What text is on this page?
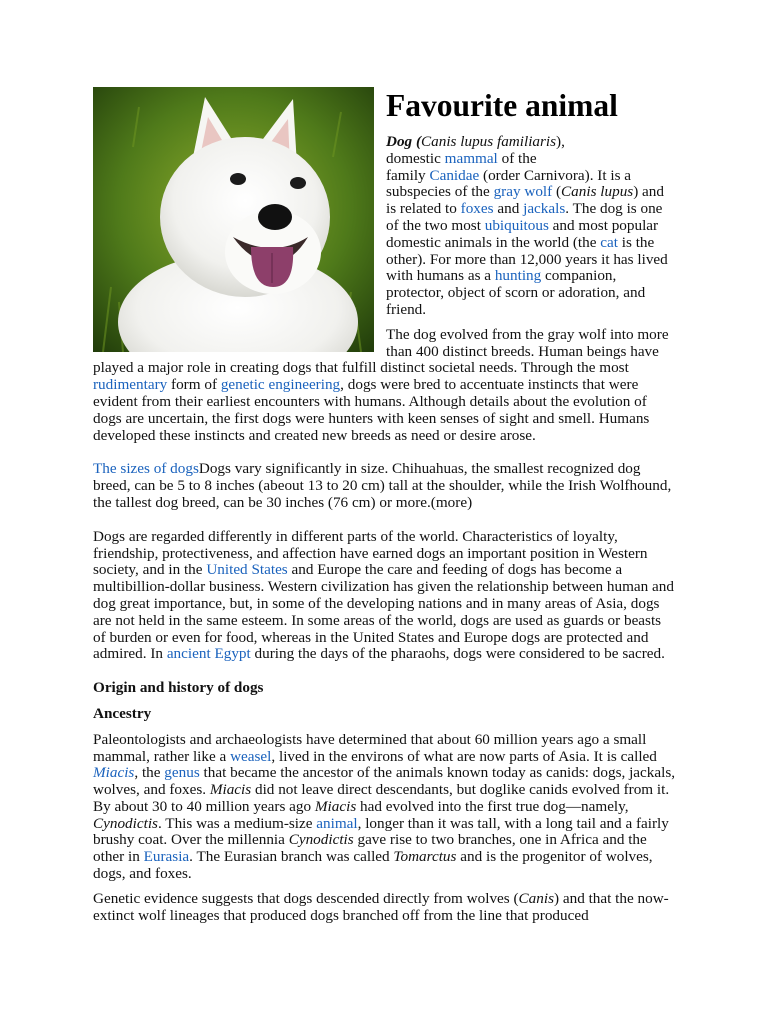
Favourite animal

Dog (Canis lupus familiaris),
domestic mammal of the
family Canidae (order Carnivora). It is a subspecies of the gray wolf (Canis lupus) and is related to foxes and jackals. The dog is one of the two most ubiquitous and most popular domestic animals in the world (the cat is the other). For more than 12,000 years it has lived with humans as a hunting companion, protector, object of scorn or adoration, and friend.

The dog evolved from the gray wolf into more than 400 distinct breeds. Human beings have played a major role in creating dogs that fulfill distinct societal needs. Through the most rudimentary form of genetic engineering, dogs were bred to accentuate instincts that were evident from their earliest encounters with humans. Although details about the evolution of dogs are uncertain, the first dogs were hunters with keen senses of sight and smell. Humans developed these instincts and created new breeds as need or desire arose.

The sizes of dogsDogs vary significantly in size. Chihuahuas, the smallest recognized dog breed, can be 5 to 8 inches (abeout 13 to 20 cm) tall at the shoulder, while the Irish Wolfhound, the tallest dog breed, can be 30 inches (76 cm) or more.(more)

Dogs are regarded differently in different parts of the world. Characteristics of loyalty, friendship, protectiveness, and affection have earned dogs an important position in Western society, and in the United States and Europe the care and feeding of dogs has become a multibillion-dollar business. Western civilization has given the relationship between human and dog great importance, but, in some of the developing nations and in many areas of Asia, dogs are not held in the same esteem. In some areas of the world, dogs are used as guards or beasts of burden or even for food, whereas in the United States and Europe dogs are protected and admired. In ancient Egypt during the days of the pharaohs, dogs were considered to be sacred.

Origin and history of dogs

Ancestry

Paleontologists and archaeologists have determined that about 60 million years ago a small mammal, rather like a weasel, lived in the environs of what are now parts of Asia. It is called Miacis, the genus that became the ancestor of the animals known today as canids: dogs, jackals, wolves, and foxes. Miacis did not leave direct descendants, but doglike canids evolved from it. By about 30 to 40 million years ago Miacis had evolved into the first true dog—namely, Cynodictis. This was a medium-size animal, longer than it was tall, with a long tail and a fairly brushy coat. Over the millennia Cynodictis gave rise to two branches, one in Africa and the other in Eurasia. The Eurasian branch was called Tomarctus and is the progenitor of wolves, dogs, and foxes.

Genetic evidence suggests that dogs descended directly from wolves (Canis) and that the now-extinct wolf lineages that produced dogs branched off from the line that produced
